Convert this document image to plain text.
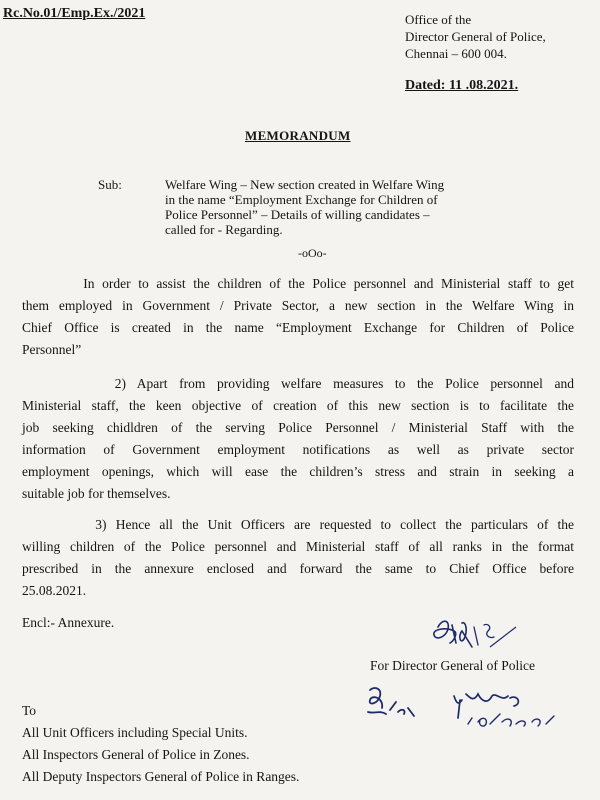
Rc.No.01/Emp.Ex./2021	Office of the
Director General of Police,
Chennai – 600 004.
Dated: 11 .08.2021.
MEMORANDUM
Sub:	Welfare Wing – New section created in Welfare Wing
in the name “Employment Exchange for Children of
Police Personnel” – Details of willing candidates –
called for - Regarding.
-oOo-
In order to assist the children of the Police personnel and Ministerial staff to get
them employed in Government / Private Sector, a new section in the Welfare Wing in
Chief Office is created in the name “Employment Exchange for Children of Police
Personnel”
2) Apart from providing welfare measures to the Police personnel and
Ministerial staff, the keen objective of creation of this new section is to facilitate the
job seeking chidldren of the serving Police Personnel / Ministerial Staff with the
information of Government employment notifications as well as private sector
employment openings, which will ease the children’s stress and strain in seeking a
suitable job for themselves.
3) Hence all the Unit Officers are requested to collect the particulars of the
willing children of the Police personnel and Ministerial staff of all ranks in the format
prescribed in the annexure enclosed and forward the same to Chief Office before
25.08.2021.
Encl:- Annexure.
For Director General of Police
To
All Unit Officers including Special Units.
All Inspectors General of Police in Zones.
All Deputy Inspectors General of Police in Ranges.
